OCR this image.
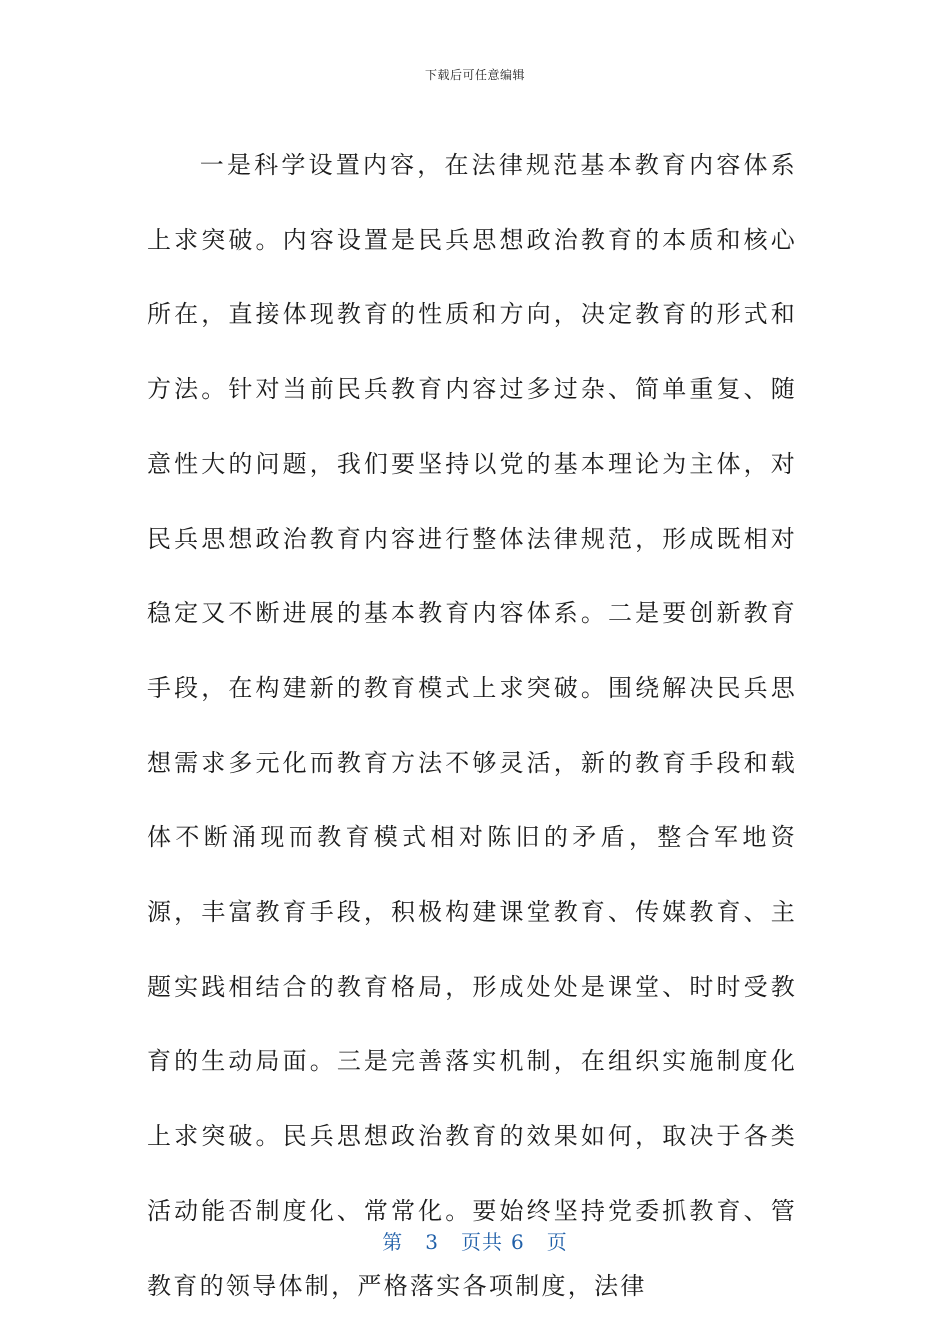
下载后可任意编辑

一是科学设置内容，在法律规范基本教育内容体系上求突破。内容设置是民兵思想政治教育的本质和核心所在，直接体现教育的性质和方向，决定教育的形式和方法。针对当前民兵教育内容过多过杂、简单重复、随意性大的问题，我们要坚持以党的基本理论为主体，对民兵思想政治教育内容进行整体法律规范，形成既相对稳定又不断进展的基本教育内容体系。二是要创新教育手段，在构建新的教育模式上求突破。围绕解决民兵思想需求多元化而教育方法不够灵活，新的教育手段和载体不断涌现而教育模式相对陈旧的矛盾，整合军地资源，丰富教育手段，积极构建课堂教育、传媒教育、主题实践相结合的教育格局，形成处处是课堂、时时受教育的生动局面。三是完善落实机制，在组织实施制度化上求突破。民兵思想政治教育的效果如何，取决于各类活动能否制度化、常常化。要始终坚持党委抓教育、管教育的领导体制，严格落实各项制度，法律

第 3 页共 6 页
